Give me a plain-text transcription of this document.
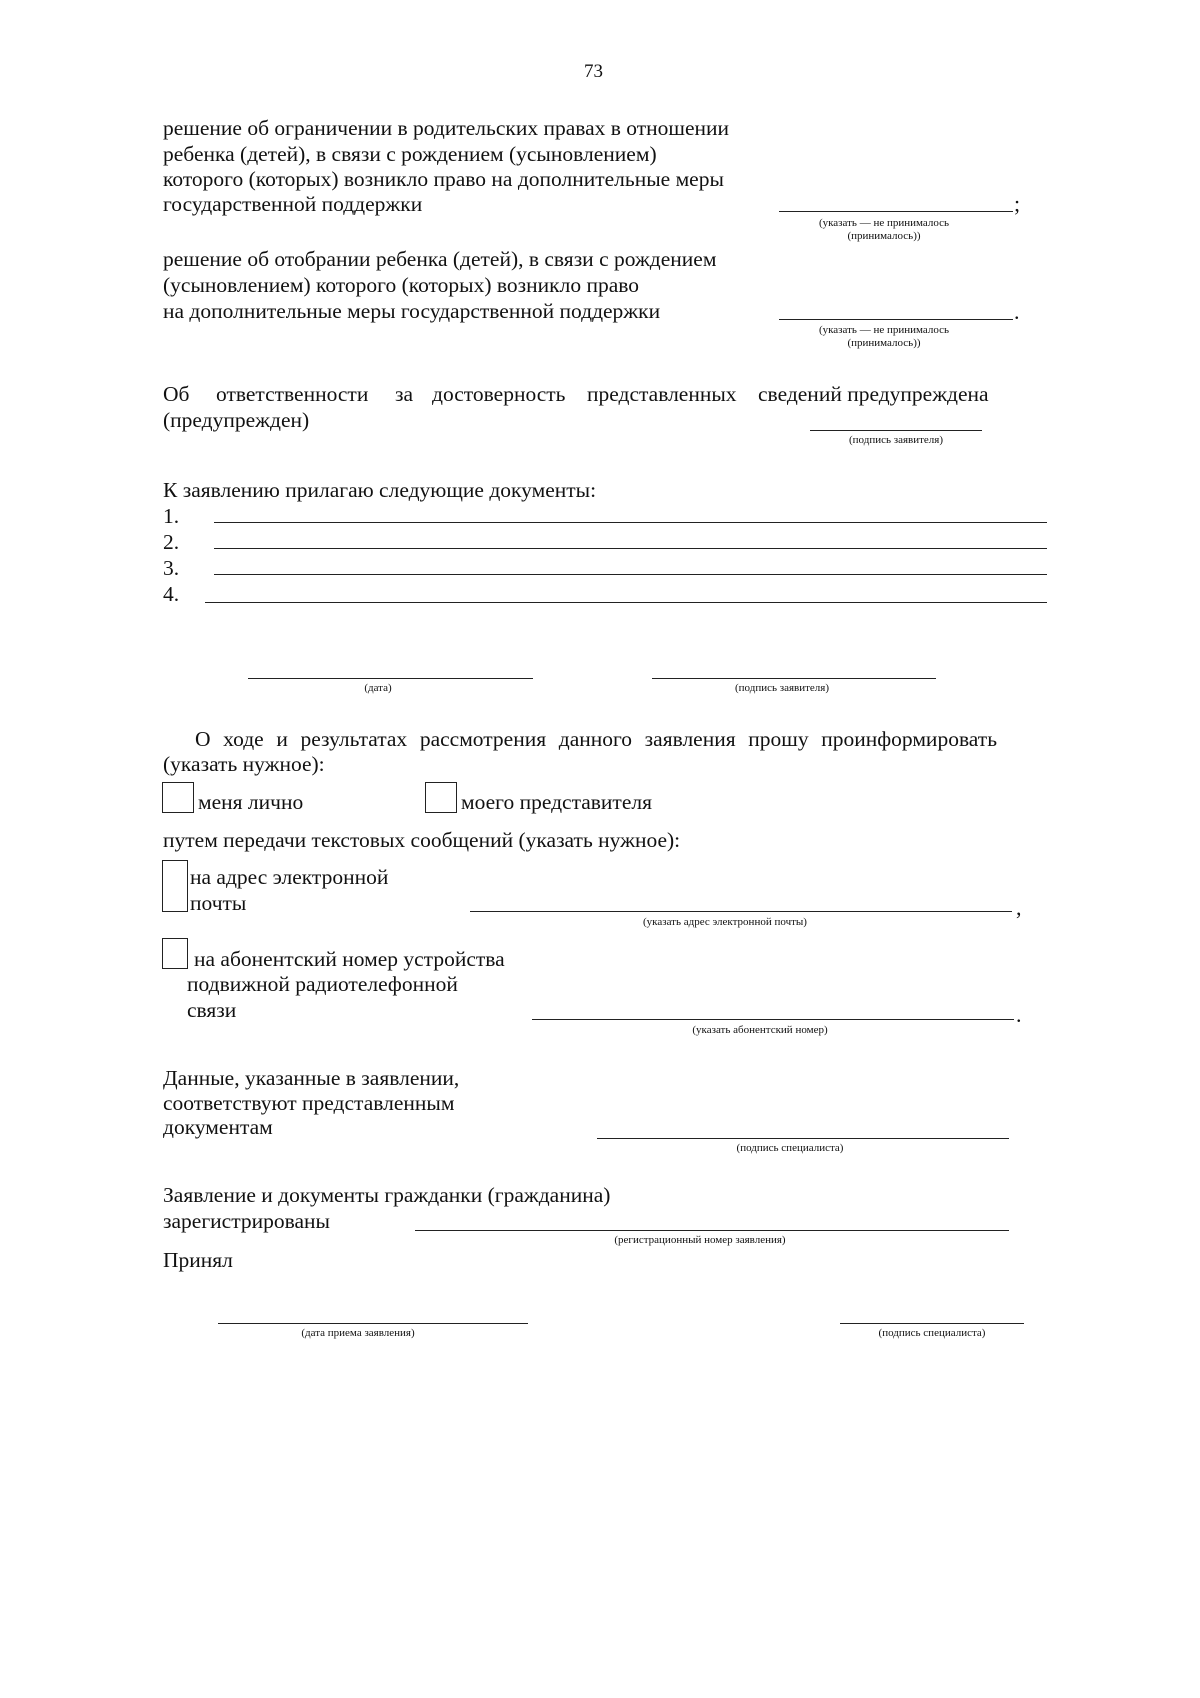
73
решение об ограничении в родительских правах в отношении
ребенка (детей), в связи с рождением (усыновлением)
которого (которых) возникло право на дополнительные меры
государственной поддержки	;
(указать — не принималось
(принималось))
решение об отобрании ребенка (детей), в связи с рождением
(усыновлением) которого (которых) возникло право
на дополнительные меры государственной поддержки	.
(указать — не принималось
(принималось))
Об ответственности за достоверность представленных сведений предупреждена
(предупрежден)
(подпись заявителя)
К заявлению прилагаю следующие документы:
1.
2.
3.
4.
(дата)	(подпись заявителя)
О ходе и результатах рассмотрения данного заявления прошу проинформировать
(указать нужное):
меня лично	моего представителя
путем передачи текстовых сообщений (указать нужное):
на адрес электронной
почты	,
(указать адрес электронной почты)
на абонентский номер устройства
подвижной радиотелефонной
связи	.
(указать абонентский номер)
Данные, указанные в заявлении,
соответствуют представленным
документам
(подпись специалиста)
Заявление и документы гражданки (гражданина)
зарегистрированы
(регистрационный номер заявления)
Принял
(дата приема заявления)	(подпись специалиста)
